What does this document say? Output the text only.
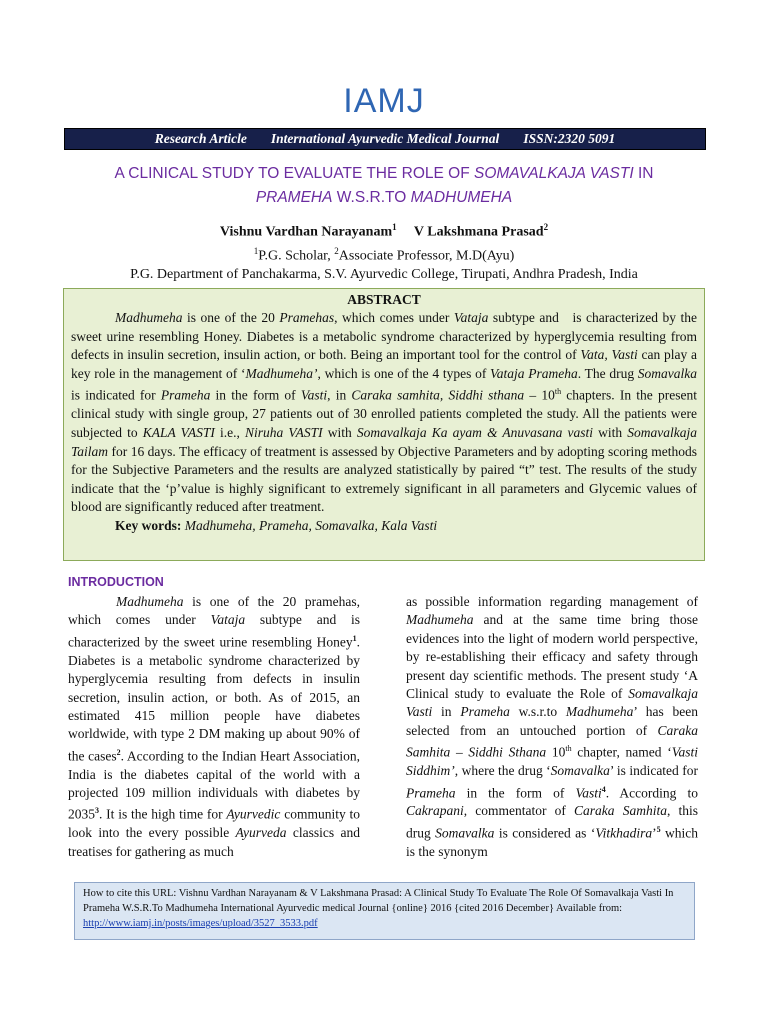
IAMJ
Research Article International Ayurvedic Medical Journal ISSN:2320 5091
A CLINICAL STUDY TO EVALUATE THE ROLE OF SOMAVALKAJA VASTI IN
PRAMEHA W.S.R.TO MADHUMEHA
Vishnu Vardhan Narayanam$^1$ V Lakshmana Prasad$^2$
$^1$P.G. Scholar, $^2$Associate Professor, M.D(Ayu)
P.G. Department of Panchakarma, S.V. Ayurvedic College, Tirupati, Andhra Pradesh, India
ABSTRACT

Madhumeha is one of the 20 Pramehas, which comes under Vataja subtype and   is characterized by the sweet urine resembling Honey. Diabetes is a metabolic syndrome characterized by hyperglycemia resulting from defects in insulin secretion, insulin action, or both. Being an important tool for the control of Vata, Vasti can play a key role in the management of ‘Madhumeha’, which is one of the 4 types of Vataja Prameha. The drug Somavalka is indicated for Prameha in the form of Vasti, in Caraka samhita, Siddhi sthana – 10th chapters. In the present clinical study with single group, 27 patients out of 30 enrolled patients completed the study. All the patients were subjected to KALA VASTI i.e., Niruha VASTI with Somavalkaja Ka ayam & Anuvasana vasti with Somavalkaja Tailam for 16 days. The efficacy of treatment is assessed by Objective Parameters and by adopting scoring methods for the Subjective Parameters and the results are analyzed statistically by paired “t” test. The results of the study indicate that the ‘p’value is highly significant to extremely significant in all parameters and Glycemic values of blood are significantly reduced after treatment.

Key words: Madhumeha, Prameha, Somavalka, Kala Vasti

INTRODUCTION

Madhumeha is one of the 20 pramehas, which comes under Vataja subtype and is characterized by the sweet urine resembling Honey$^1$. Diabetes is a metabolic syndrome characterized by hyperglycemia resulting from defects in insulin secretion, insulin action, or both. As of 2015, an estimated 415 million people have diabetes worldwide, with type 2 DM making up about 90% of the cases$^2$. According to the Indian Heart Association, India is the diabetes capital of the world with a projected 109 million individuals with diabetes by 2035$^3$. It is the high time for Ayurvedic community to look into the every possible Ayurveda classics and treatises for gathering as much

as possible information regarding management of Madhumeha and at the same time bring those evidences into the light of modern world perspective, by re-establishing their efficacy and safety through present day scientific methods. The present study ‘A Clinical study to evaluate the Role of Somavalkaja Vasti in Prameha w.s.r.to Madhumeha’ has been selected from an untouched portion of Caraka Samhita – Siddhi Sthana 10th chapter, named ‘Vasti Siddhim’, where the drug ‘Somavalka’ is indicated for Prameha in the form of Vasti$^4$. According to Cakrapani, commentator of Caraka Samhita, this drug Somavalka is considered as ‘Vitkhadira’$^5$ which is the synonym

How to cite this URL: Vishnu Vardhan Narayanam & V Lakshmana Prasad: A Clinical Study To Evaluate The Role Of Somavalkaja Vasti In Prameha W.S.R.To Madhumeha International Ayurvedic medical Journal {online} 2016 {cited 2016 December} Available from: http://www.iamj.in/posts/images/upload/3527_3533.pdf
